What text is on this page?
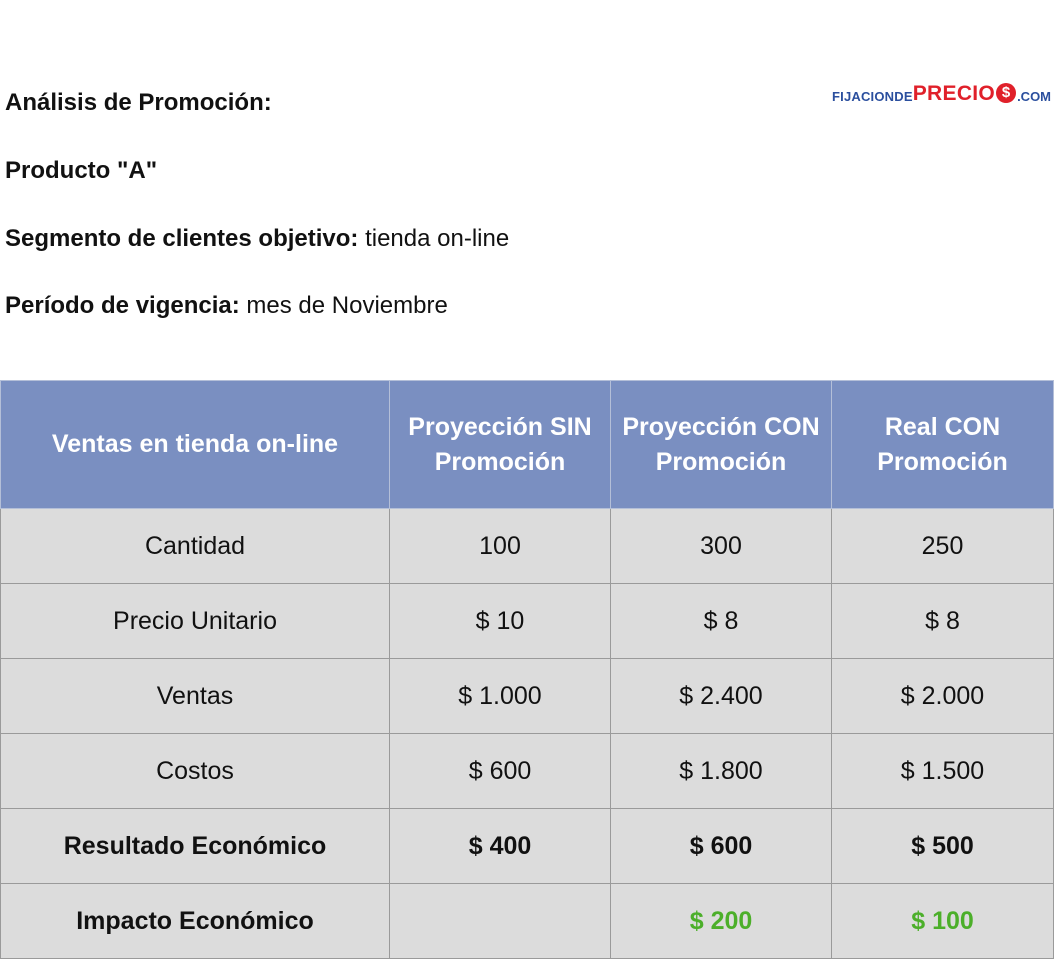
Análisis de Promoción:
Producto "A"
Segmento de clientes objetivo: tienda on-line
Período de vigencia: mes de Noviembre
FIJACIONDE PRECIO $ .COM
Ventas en tienda on-line	Proyección SIN Promoción	Proyección CON Promoción	Real CON Promoción
Cantidad	100	300	250
Precio Unitario	$ 10	$ 8	$ 8
Ventas	$ 1.000	$ 2.400	$ 2.000
Costos	$ 600	$ 1.800	$ 1.500
Resultado Económico	$ 400	$ 600	$ 500
Impacto Económico		$ 200	$ 100
